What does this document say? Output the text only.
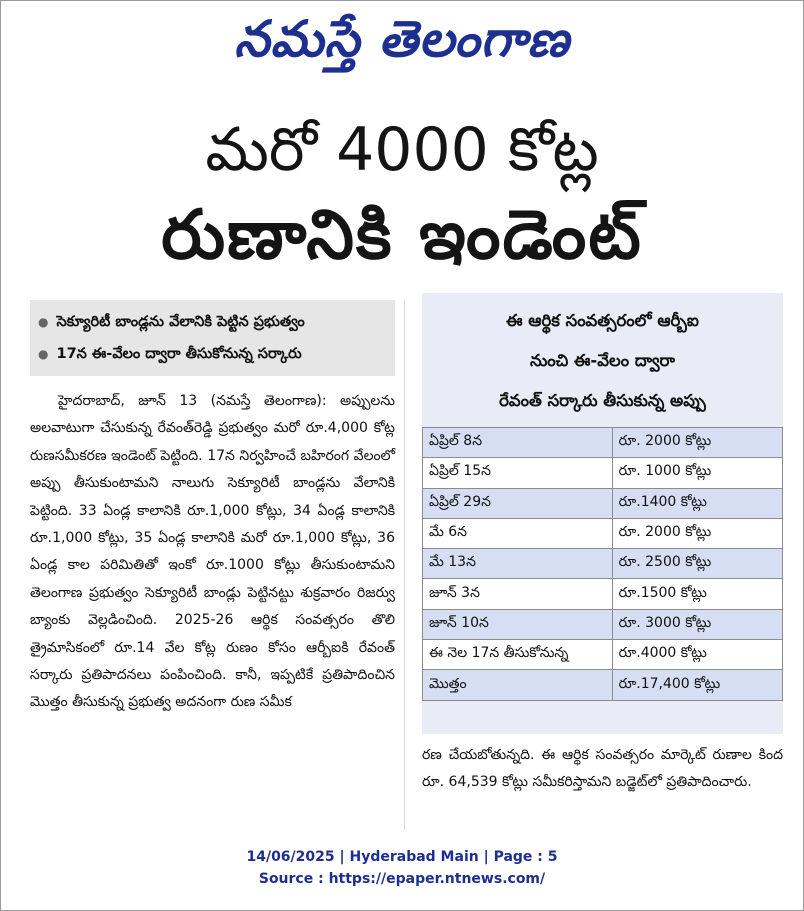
నమస్తే తెలంగాణ
మరో 4000 కోట్ల
రుణానికి ఇండెంట్
● సెక్యూరిటీ బాండ్లను వేలానికి పెట్టిన ప్రభుత్వం
● 17న ఈ-వేలం ద్వారా తీసుకోనున్న సర్కారు

హైదరాబాద్, జూన్ 13 (నమస్తే తెలంగాణ): అప్పులను అలవాటుగా చేసుకున్న రేవంత్‌రెడ్డి ప్రభుత్వం మరో రూ.4,000 కోట్ల రుణసమీకరణ ఇండెంట్ పెట్టింది. 17న నిర్వహించే బహిరంగ వేలంలో అప్పు తీసుకుంటామని నాలుగు సెక్యూరిటీ బాండ్లను వేలానికి పెట్టింది. 33 ఏండ్ల కాలానికి రూ.1,000 కోట్లు, 34 ఏండ్ల కాలానికి రూ.1,000 కోట్లు, 35 ఏండ్ల కాలానికి మరో రూ.1,000 కోట్లు, 36 ఏండ్ల కాల పరిమితితో ఇంకో రూ.1000 కోట్లు తీసుకుంటామని తెలంగాణ ప్రభుత్వం సెక్యూరిటీ బాండ్లు పెట్టినట్టు శుక్రవారం రిజర్వు బ్యాంకు వెల్లడించింది. 2025-26 ఆర్థిక సంవత్సరం తొలి త్రైమాసికంలో రూ.14 వేల కోట్ల రుణం కోసం ఆర్బీఐకి రేవంత్ సర్కారు ప్రతిపాదనలు పంపించింది. కానీ, ఇప్పటికే ప్రతిపాదించిన మొత్తం తీసుకున్న ప్రభుత్వ అదనంగా రుణ సమీక

ఈ ఆర్థిక సంవత్సరంలో ఆర్బీఐ
నుంచి ఈ-వేలం ద్వారా
రేవంత్ సర్కారు తీసుకున్న అప్పు
ఏప్రిల్ 8న	రూ. 2000 కోట్లు
ఏప్రిల్ 15న	రూ. 1000 కోట్లు
ఏప్రిల్ 29న	రూ.1400 కోట్లు
మే 6న	రూ. 2000 కోట్లు
మే 13న	రూ. 2500 కోట్లు
జూన్ 3న	రూ.1500 కోట్లు
జూన్ 10న	రూ. 3000 కోట్లు
ఈ నెల 17న తీసుకోనున్న	రూ.4000 కోట్లు
మొత్తం	రూ.17,400 కోట్లు

రణ చేయబోతున్నది. ఈ ఆర్థిక సంవత్సరం మార్కెట్ రుణాల కింద రూ. 64,539 కోట్లు సమీకరిస్తామని బడ్జెట్‌లో ప్రతిపాదించారు.

14/06/2025 | Hyderabad Main | Page : 5
Source : https://epaper.ntnews.com/
